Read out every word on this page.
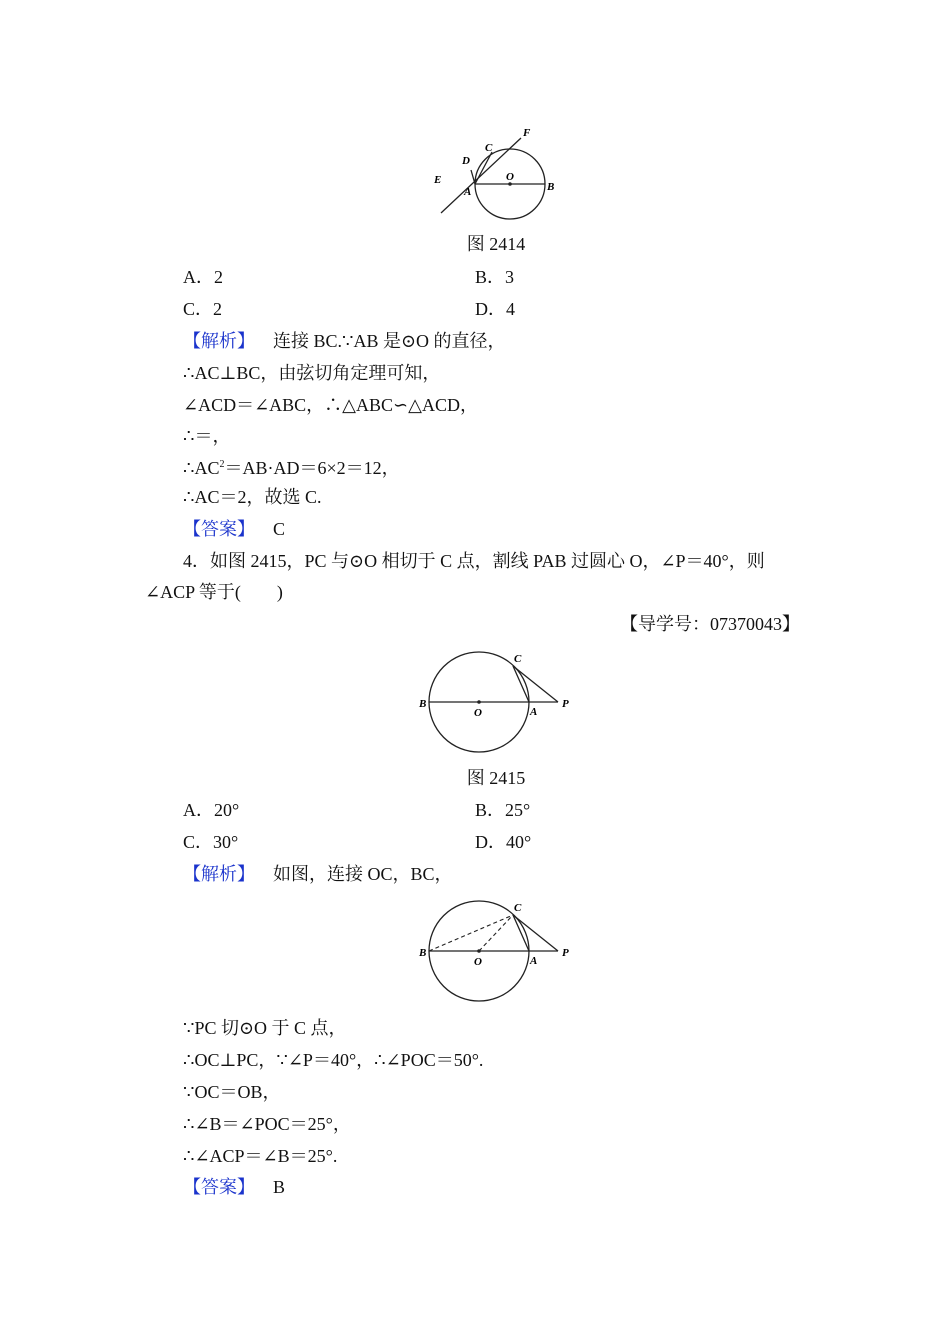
F
C
D
O
E
A	B
图 2414
A．2	B．3
C．2	D．4
【解析】 连接 BC.∵AB 是⊙O 的直径，
∴AC⊥BC，由弦切角定理可知，
∠ACD＝∠ABC，∴△ABC∽△ACD，
∴＝，
$\therefore AC^2=AB\cdot AD=6\times 2=12$，
∴AC＝2，故选 C.
【答案】 C
4．如图 2415，PC 与⊙O 相切于 C 点，割线 PAB 过圆心 O，∠P＝40°，则
∠ACP 等于(　　)
【导学号：07370043】
C
B
O	A
P
图 2415
A．20°	B．25°
C．30°	D．40°
【解析】 如图，连接 OC，BC，
C
B
O	A
P
∵PC 切⊙O 于 C 点，
∴OC⊥PC，∵∠P＝40°，∴∠POC＝50°.
∵OC＝OB，
∴∠B＝∠POC＝25°，
∴∠ACP＝∠B＝25°.
【答案】 B
